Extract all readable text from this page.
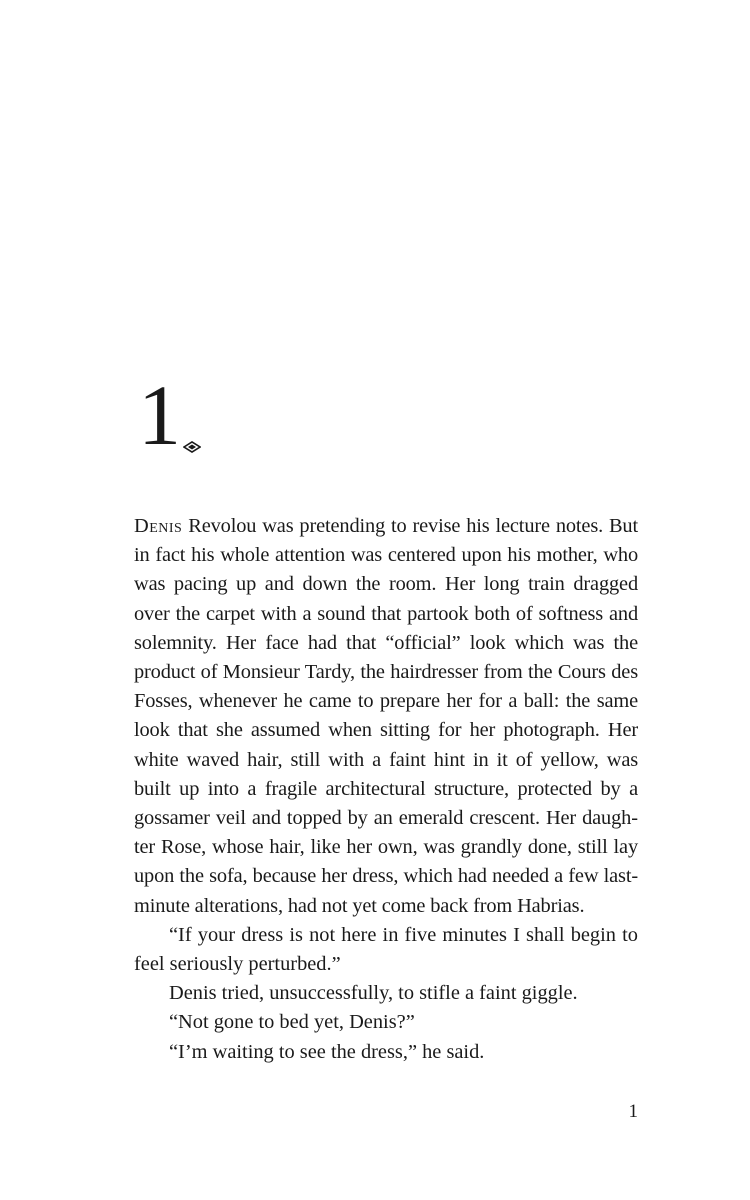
1

Denis Revolou was pretending to revise his lecture notes. But in fact his whole attention was centered upon his mother, who was pacing up and down the room. Her long train dragged over the carpet with a sound that partook both of softness and solemnity. Her face had that “official” look which was the product of Monsieur Tardy, the hairdresser from the Cours des Fosses, whenever he came to prepare her for a ball: the same look that she assumed when sitting for her photograph. Her white waved hair, still with a faint hint in it of yellow, was built up into a fragile architectural structure, protected by a gossamer veil and topped by an emerald crescent. Her daughter Rose, whose hair, like her own, was grandly done, still lay upon the sofa, because her dress, which had needed a few last-minute alterations, had not yet come back from Habrias.

“If your dress is not here in five minutes I shall begin to feel seriously perturbed.”

Denis tried, unsuccessfully, to stifle a faint giggle.

“Not gone to bed yet, Denis?”

“I’m waiting to see the dress,” he said.

1
